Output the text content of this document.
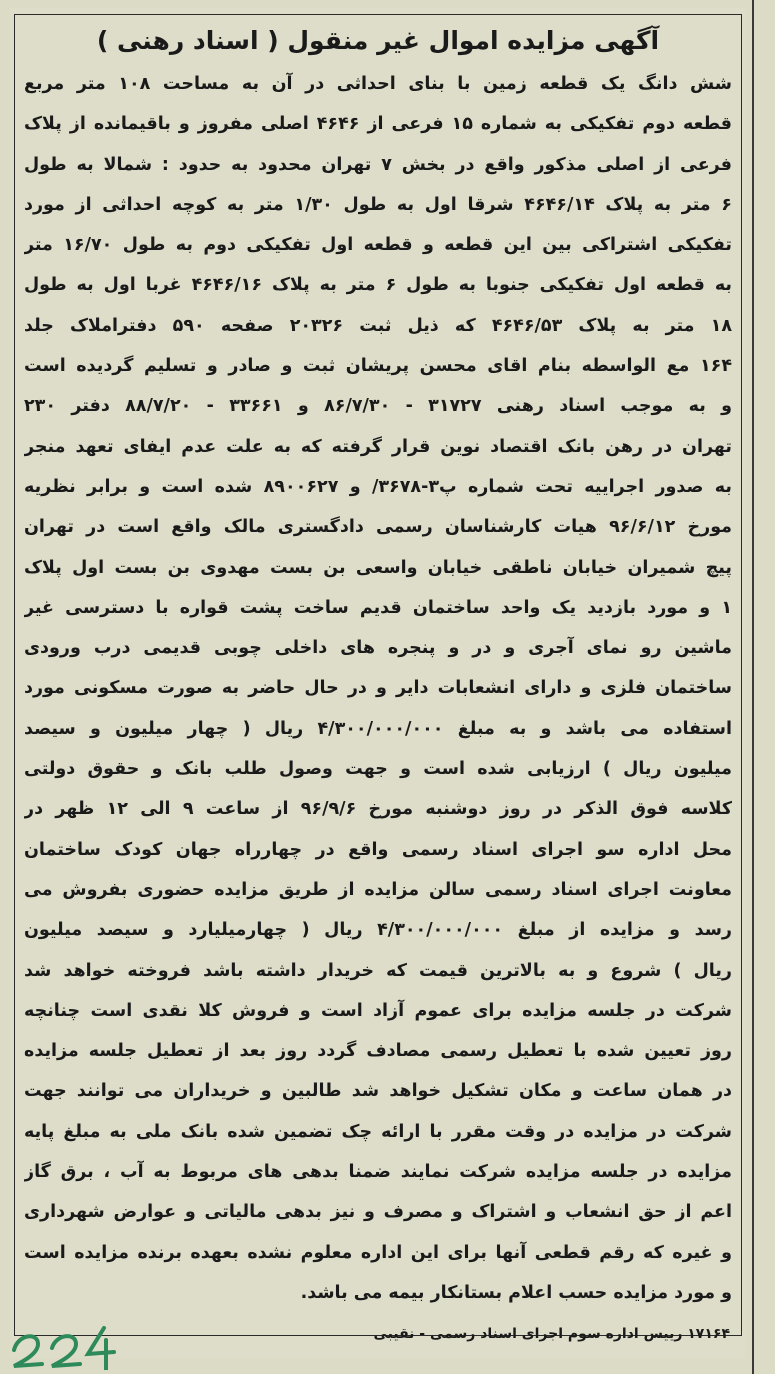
آگهی مزایده اموال غیر منقول ( اسناد رهنی )
شش دانگ یک قطعه زمین با بنای احداثی در آن به مساحت ۱۰۸ متر مربع
قطعه دوم تفکیکی به شماره ۱۵ فرعی از ۴۶۴۶ اصلی مفروز و باقیمانده از پلاک
فرعی از اصلی مذکور واقع در بخش ۷ تهران محدود به حدود : شمالا به طول
۶ متر به پلاک ۴۶۴۶/۱۴ شرقا اول به طول ۱/۳۰ متر به کوچه احداثی از مورد
تفکیکی اشتراکی بین این قطعه و قطعه اول تفکیکی دوم به طول ۱۶/۷۰ متر
به قطعه اول تفکیکی جنوبا به طول ۶ متر به پلاک ۴۶۴۶/۱۶ غربا اول به طول
۱۸ متر به پلاک ۴۶۴۶/۵۳ که ذیل ثبت ۲۰۳۲۶ صفحه ۵۹۰ دفتراملاک جلد
۱۶۴ مع الواسطه بنام اقای محسن پریشان ثبت و صادر و تسلیم گردیده است
و به موجب اسناد رهنی ۳۱۷۲۷ - ۸۶/۷/۳۰ و ۳۳۶۶۱ - ۸۸/۷/۲۰ دفتر ۲۳۰
تهران در رهن بانک اقتصاد نوین قرار گرفته که به علت عدم ایفای تعهد منجر
به صدور اجراییه تحت شماره پ۳-۳۶۷۸/ و ۸۹۰۰۶۲۷ شده است و برابر نظریه
مورخ ۹۶/۶/۱۲ هیات کارشناسان رسمی دادگستری مالک واقع است در تهران
پیچ شمیران خیابان ناطقی خیابان واسعی بن بست مهدوی بن بست اول پلاک
۱ و مورد بازدید یک واحد ساختمان قدیم ساخت پشت قواره با دسترسی غیر
ماشین رو نمای آجری و در و پنجره های داخلی چوبی قدیمی درب ورودی
ساختمان فلزی و دارای انشعابات دایر و در حال حاضر به صورت مسکونی مورد
استفاده می باشد و به مبلغ ۴/۳۰۰/۰۰۰/۰۰۰ ریال ( چهار میلیون و سیصد
میلیون ریال ) ارزیابی شده است و جهت وصول طلب بانک و حقوق دولتی
کلاسه فوق الذکر در روز دوشنبه مورخ ۹۶/۹/۶ از ساعت ۹ الی ۱۲ ظهر در
محل اداره سو اجرای اسناد رسمی واقع در چهارراه جهان کودک ساختمان
معاونت اجرای اسناد رسمی سالن مزایده از طریق مزایده حضوری بفروش می
رسد و مزایده از مبلغ ۴/۳۰۰/۰۰۰/۰۰۰ ریال ( چهارمیلیارد و سیصد میلیون
ریال ) شروع و به بالاترین قیمت که خریدار داشته باشد فروخته خواهد شد
شرکت در جلسه مزایده برای عموم آزاد است و فروش کلا نقدی است چنانچه
روز تعیین شده با تعطیل رسمی مصادف گردد روز بعد از تعطیل جلسه مزایده
در همان ساعت و مکان تشکیل خواهد شد طالبین و خریداران می توانند جهت
شرکت در مزایده در وقت مقرر با ارائه چک تضمین شده بانک ملی به مبلغ پایه
مزایده در جلسه مزایده شرکت نمایند ضمنا بدهی های مربوط به آب ، برق گاز
اعم از حق انشعاب و اشتراک و مصرف و نیز بدهی مالیاتی و عوارض شهرداری
و غیره که رقم قطعی آنها برای این اداره معلوم نشده بعهده برنده مزایده است
و مورد مزایده حسب اعلام بستانکار بیمه می باشد.
۱۷۱۶۴ رییس اداره سوم اجرای اسناد رسمی - نقیبی
